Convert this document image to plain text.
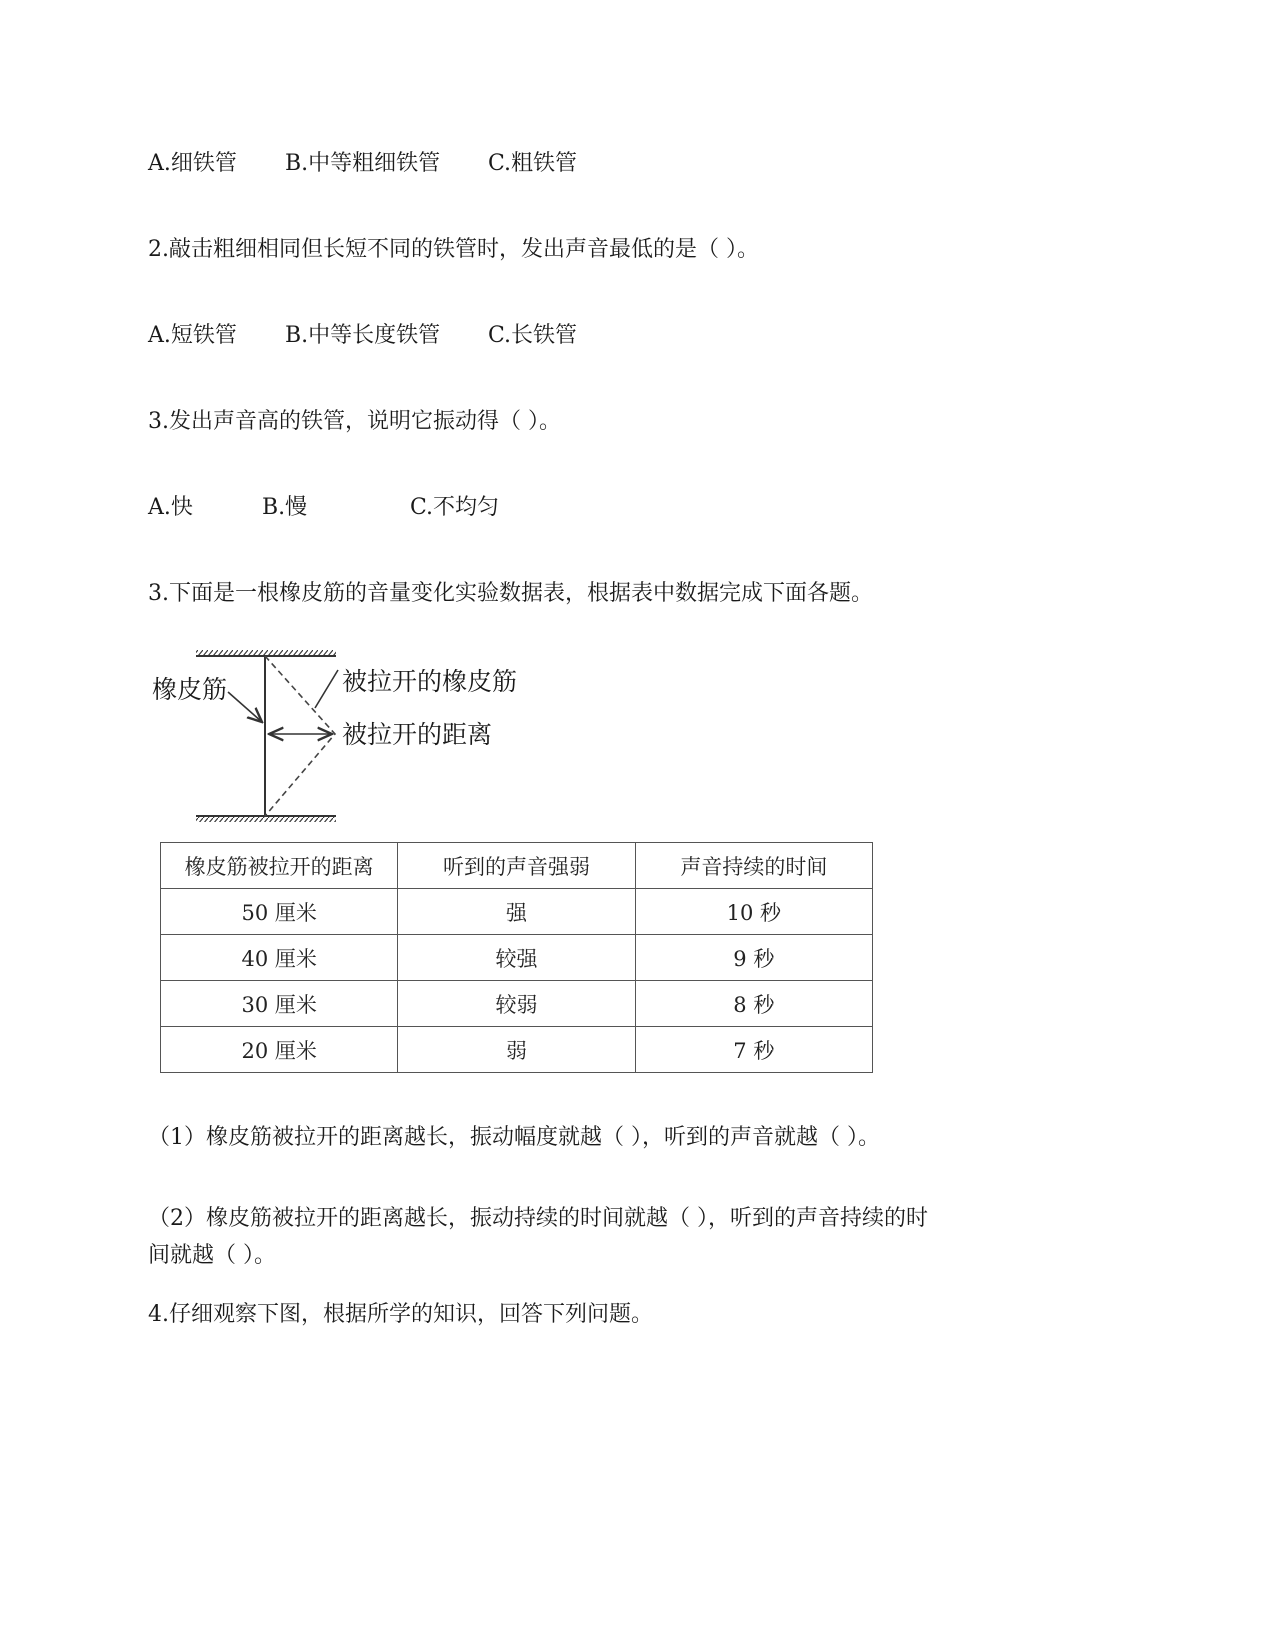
A.细铁管 B.中等粗细铁管 C.粗铁管
2.敲击粗细相同但长短不同的铁管时，发出声音最低的是（ ）。
A.短铁管 B.中等长度铁管 C.长铁管
3.发出声音高的铁管，说明它振动得（ ）。
A.快	B.慢	C.不均匀
3.下面是一根橡皮筋的音量变化实验数据表，根据表中数据完成下面各题。
橡皮筋	被拉开的橡皮筋
被拉开的距离
橡皮筋被拉开的距离	听到的声音强弱	声音持续的时间
50 厘米	强	10 秒
40 厘米	较强	9 秒
30 厘米	较弱	8 秒
20 厘米	弱	7 秒
（1）橡皮筋被拉开的距离越长，振动幅度就越（ ），听到的声音就越（ ）。
（2）橡皮筋被拉开的距离越长，振动持续的时间就越（ ），听到的声音持续的时
间就越（ ）。
4.仔细观察下图，根据所学的知识，回答下列问题。
